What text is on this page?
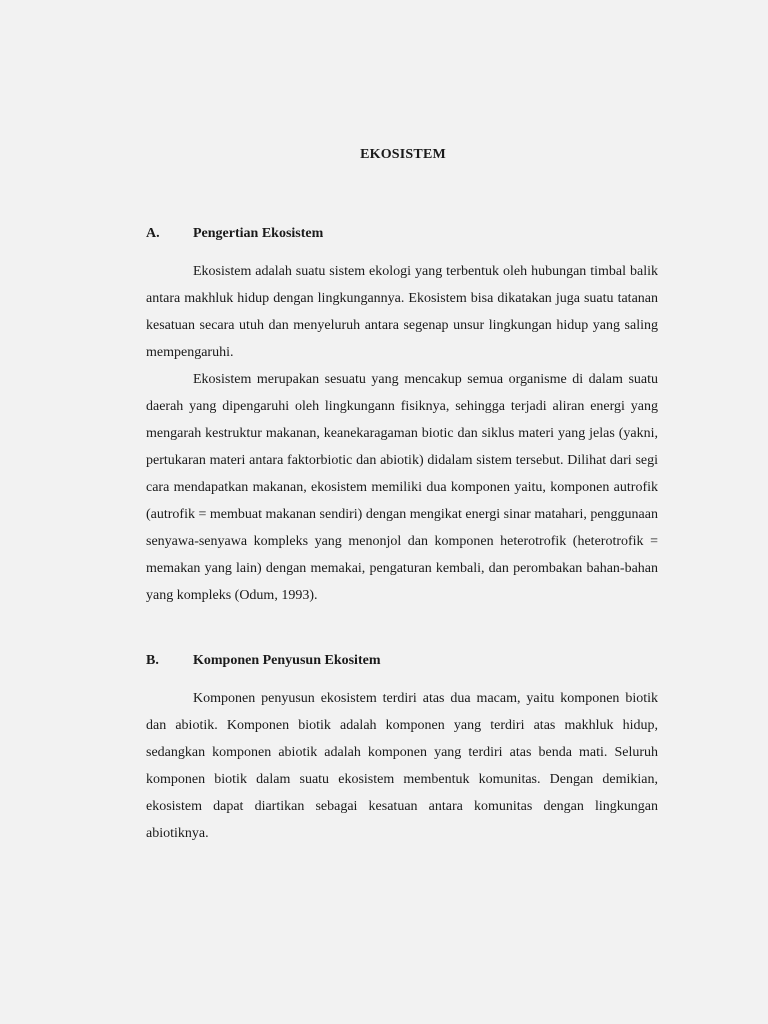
EKOSISTEM
A. Pengertian Ekosistem

Ekosistem adalah suatu sistem ekologi yang terbentuk oleh hubungan timbal balik antara makhluk hidup dengan lingkungannya. Ekosistem bisa dikatakan juga suatu tatanan kesatuan secara utuh dan menyeluruh antara segenap unsur lingkungan hidup yang saling mempengaruhi.

Ekosistem merupakan sesuatu yang mencakup semua organisme di dalam suatu daerah yang dipengaruhi oleh lingkungann fisiknya, sehingga terjadi aliran energi yang mengarah kestruktur makanan, keanekaragaman biotic dan siklus materi yang jelas (yakni, pertukaran materi antara faktorbiotic dan abiotik) didalam sistem tersebut. Dilihat dari segi cara mendapatkan makanan, ekosistem memiliki dua komponen yaitu, komponen autrofik (autrofik = membuat makanan sendiri) dengan mengikat energi sinar matahari, penggunaan senyawa-senyawa kompleks yang menonjol dan komponen heterotrofik (heterotrofik = memakan yang lain) dengan memakai, pengaturan kembali, dan perombakan bahan-bahan yang kompleks (Odum, 1993).

B. Komponen Penyusun Ekositem

Komponen penyusun ekosistem terdiri atas dua macam, yaitu komponen biotik dan abiotik. Komponen biotik adalah komponen yang terdiri atas makhluk hidup, sedangkan komponen abiotik adalah komponen yang terdiri atas benda mati. Seluruh komponen biotik dalam suatu ekosistem membentuk komunitas. Dengan demikian, ekosistem dapat diartikan sebagai kesatuan antara komunitas dengan lingkungan abiotiknya.
